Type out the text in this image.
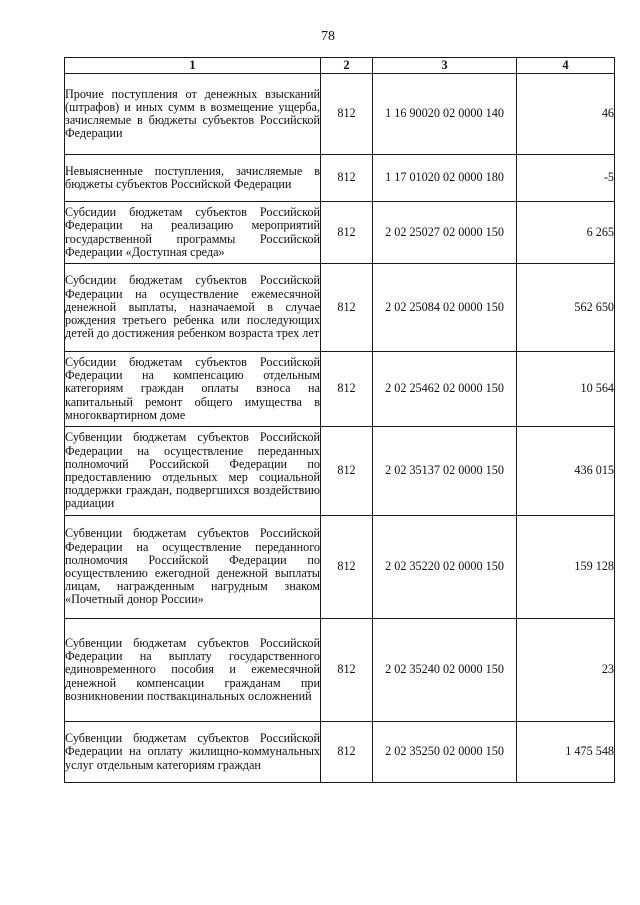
78
1	2	3	4
Прочие поступления от денежных взысканий (штрафов) и иных сумм в возмещение ущерба, зачисляемые в бюджеты субъектов Российской Федерации	812	1 16 90020 02 0000 140	46
Невыясненные поступления, зачисляемые в бюджеты субъектов Российской Федерации	812	1 17 01020 02 0000 180	-5
Субсидии бюджетам субъектов Российской Федерации на реализацию мероприятий государственной программы Российской Федерации «Доступная среда»	812	2 02 25027 02 0000 150	6 265
Субсидии бюджетам субъектов Российской Федерации на осуществление ежемесячной денежной выплаты, назначаемой в случае рождения третьего ребенка или последующих детей до достижения ребенком возраста трех лет	812	2 02 25084 02 0000 150	562 650
Субсидии бюджетам субъектов Российской Федерации на компенсацию отдельным категориям граждан оплаты взноса на капитальный ремонт общего имущества в многоквартирном доме	812	2 02 25462 02 0000 150	10 564
Субвенции бюджетам субъектов Российской Федерации на осуществление переданных полномочий Российской Федерации по предоставлению отдельных мер социальной поддержки граждан, подвергшихся воздействию радиации	812	2 02 35137 02 0000 150	436 015
Субвенции бюджетам субъектов Российской Федерации на осуществление переданного полномочия Российской Федерации по осуществлению ежегодной денежной выплаты лицам, награжденным нагрудным знаком «Почетный донор России»	812	2 02 35220 02 0000 150	159 128
Субвенции бюджетам субъектов Российской Федерации на выплату государственного единовременного пособия и ежемесячной денежной компенсации гражданам при возникновении поствакцинальных осложнений	812	2 02 35240 02 0000 150	23
Субвенции бюджетам субъектов Российской Федерации на оплату жилищно-коммунальных услуг отдельным категориям граждан	812	2 02 35250 02 0000 150	1 475 548
